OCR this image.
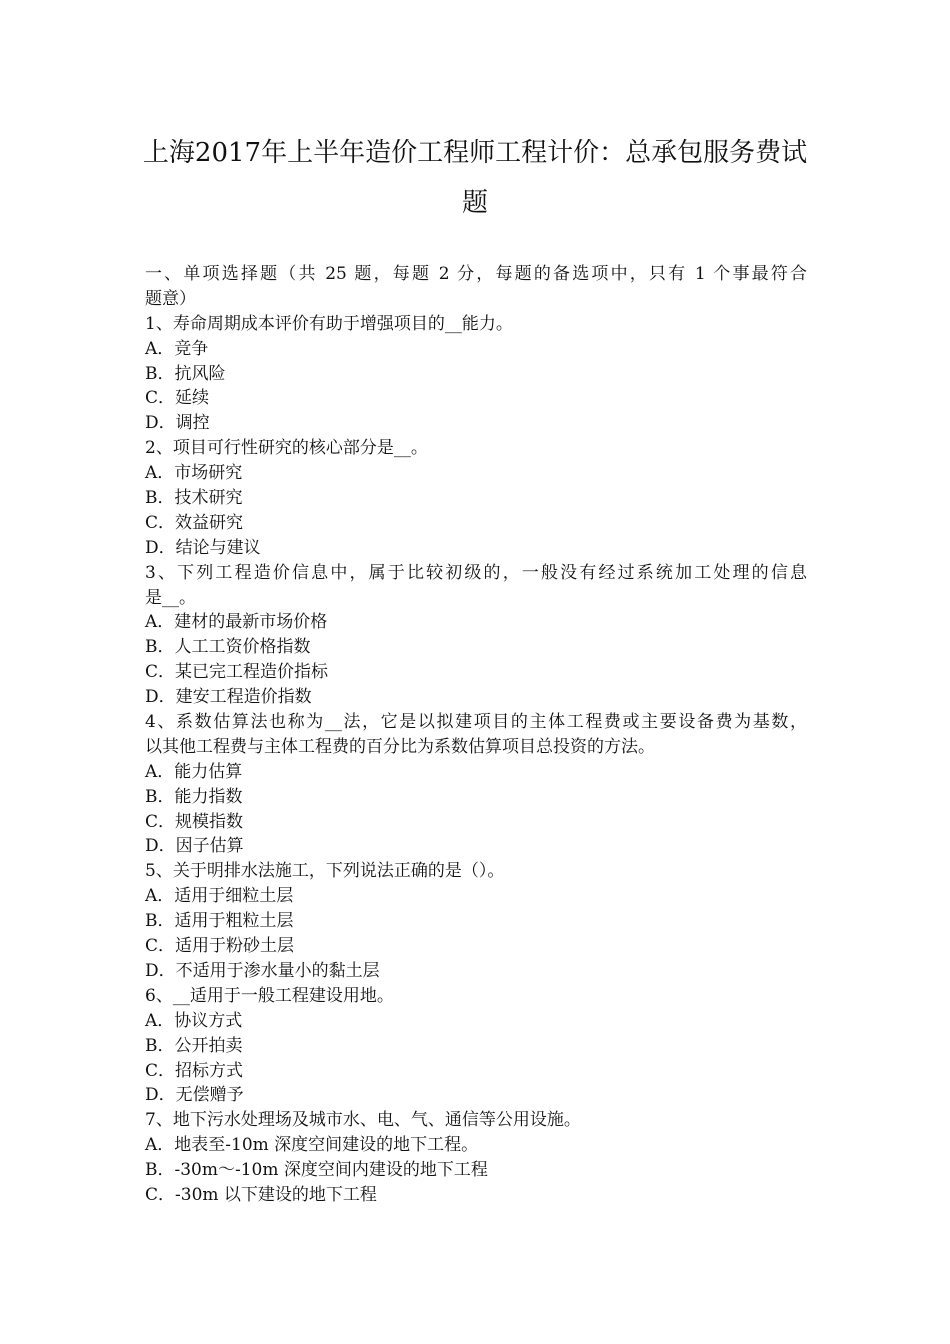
上海2017年上半年造价工程师工程计价：总承包服务费试
题
一、单项选择题（共 25 题，每题 2 分，每题的备选项中，只有 1 个事最符合
题意）
1、寿命周期成本评价有助于增强项目的__能力。
A．竞争
B．抗风险
C．延续
D．调控
2、项目可行性研究的核心部分是__。
A．市场研究
B．技术研究
C．效益研究
D．结论与建议
3、下列工程造价信息中，属于比较初级的，一般没有经过系统加工处理的信息
是__。
A．建材的最新市场价格
B．人工工资价格指数
C．某已完工程造价指标
D．建安工程造价指数
4、系数估算法也称为__法，它是以拟建项目的主体工程费或主要设备费为基数，
以其他工程费与主体工程费的百分比为系数估算项目总投资的方法。
A．能力估算
B．能力指数
C．规模指数
D．因子估算
5、关于明排水法施工，下列说法正确的是（）。
A．适用于细粒土层
B．适用于粗粒土层
C．适用于粉砂土层
D．不适用于渗水量小的黏土层
6、__适用于一般工程建设用地。
A．协议方式
B．公开拍卖
C．招标方式
D．无偿赠予
7、地下污水处理场及城市水、电、气、通信等公用设施。
A．地表至-10m 深度空间建设的地下工程。
B．-30m～-10m 深度空间内建设的地下工程
C．-30m 以下建设的地下工程
